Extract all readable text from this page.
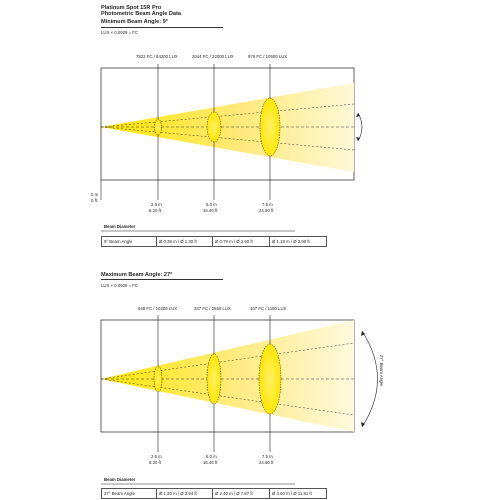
Platinum Spot 15R Pro
Photometric Beam Angle Data
Minimum Beam Angle: 9°
LUX × 0.0929 = FC
7822 FC / 84200 LUX	2044 FC / 22000 LUX	976 FC / 10500 LUX
0 m
0 ft
2.5 m
8.20 ft
5.0 m
16.40 ft
7.5 m
24.60 ft
Beam Diameter
9° Beam Angle	Ø 0.39 m / Ø 1.30 ft	Ø 0.79 m / Ø 2.60 ft	Ø 1.18 m / Ø 3.90 ft
Maximum Beam Angle: 27°
LUX × 0.0929 = FC
948 FC / 10200 LUX	237 FC / 2550 LUX	107 FC / 1150 LUX
2.5 m
8.20 ft
5.0 m
16.40 ft
7.5 m
24.60 ft
27° Beam Angle
Beam Diameter
27° Beam Angle	Ø 1.20 m / Ø 3.94 ft	Ø 2.40 m / Ø 7.87 ft	Ø 3.60 m / Ø 11.81 ft
